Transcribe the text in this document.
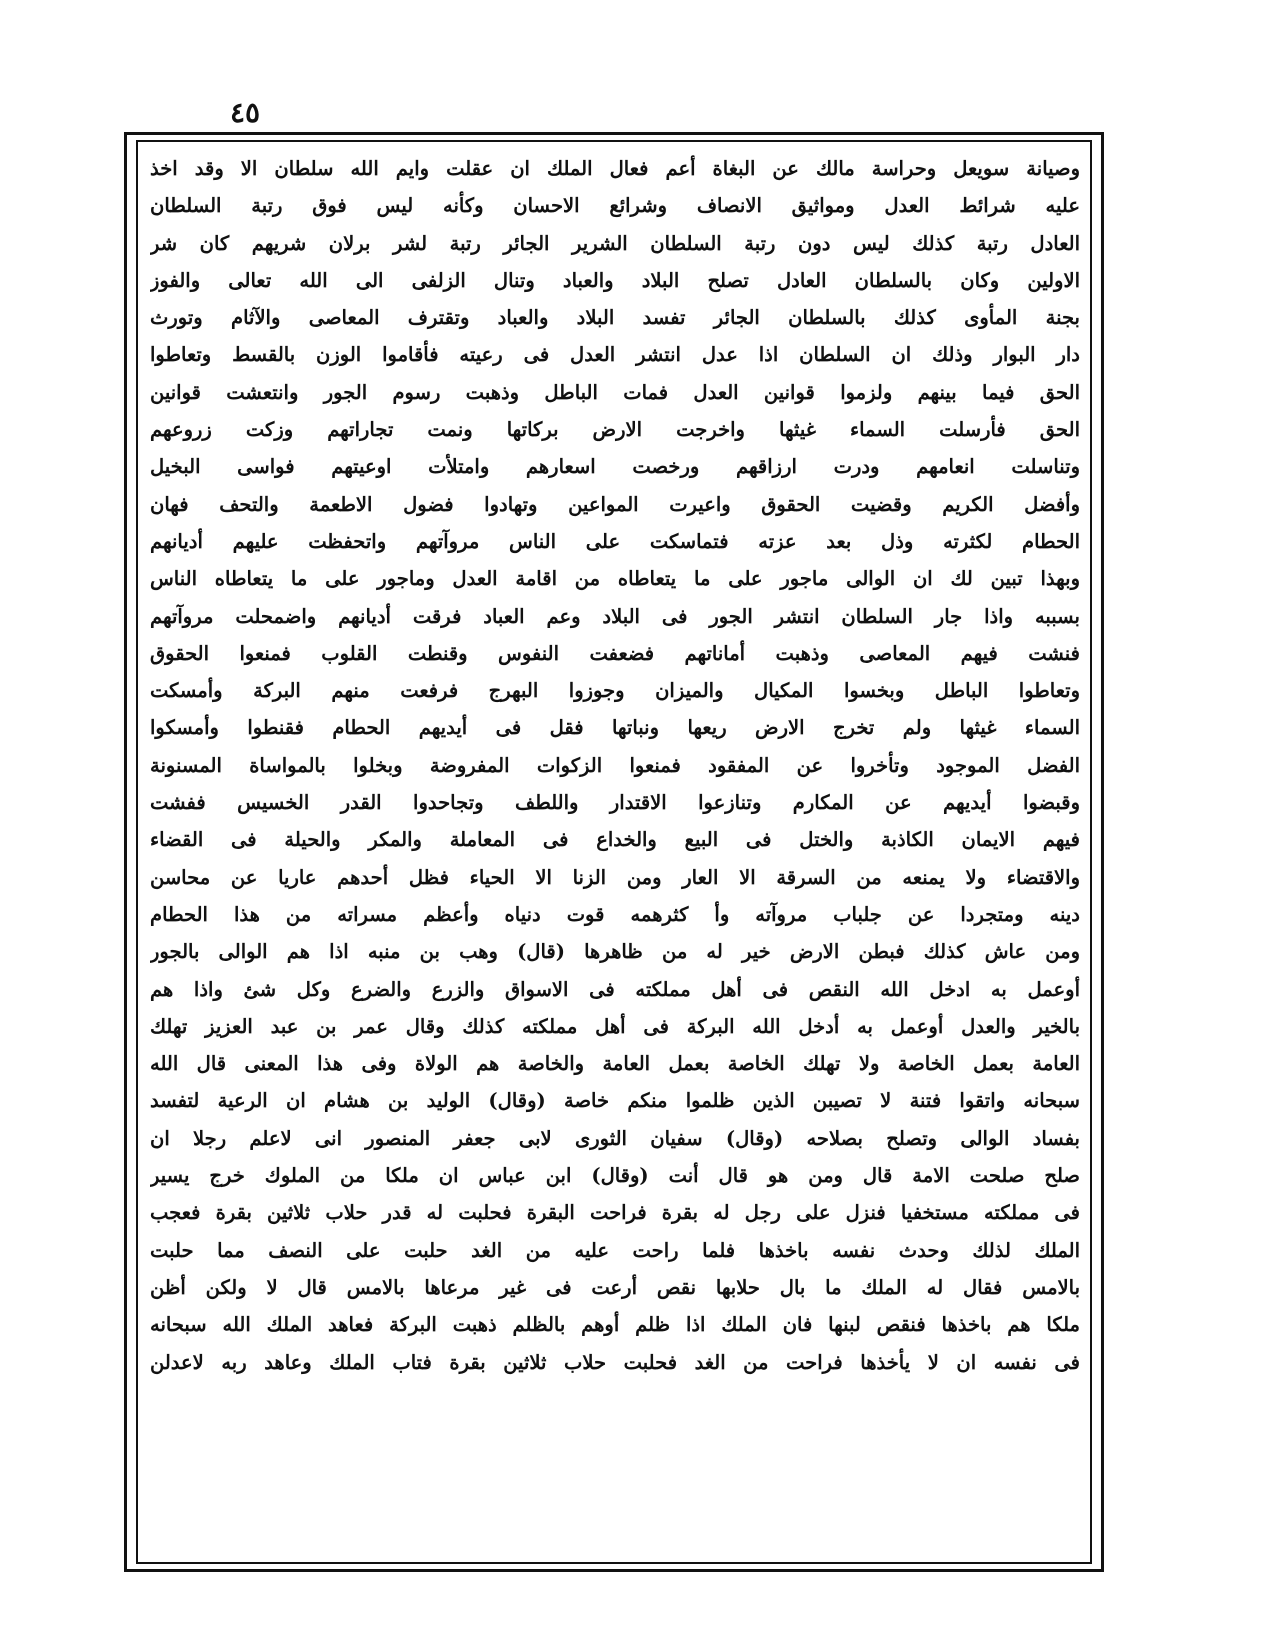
٤٥
وصيانة سويعل وحراسة مالك عن البغاة أعم فعال الملك ان عقلت وايم الله سلطان الا وقد اخذ
عليه شرائط العدل ومواثيق الانصاف وشرائع الاحسان وكأنه ليس فوق رتبة السلطان
العادل رتبة كذلك ليس دون رتبة السلطان الشرير الجائر رتبة لشر برلان شريهم كان شر
الاولين وكان بالسلطان العادل تصلح البلاد والعباد وتنال الزلفى الى الله تعالى والفوز
بجنة المأوى كذلك بالسلطان الجائر تفسد البلاد والعباد وتقترف المعاصى والآثام وتورث
دار البوار وذلك ان السلطان اذا عدل انتشر العدل فى رعيته فأقاموا الوزن بالقسط وتعاطوا
الحق فيما بينهم ولزموا قوانين العدل فمات الباطل وذهبت رسوم الجور وانتعشت قوانين
الحق فأرسلت السماء غيثها واخرجت الارض بركاتها ونمت تجاراتهم وزكت زروعهم
وتناسلت انعامهم ودرت ارزاقهم ورخصت اسعارهم وامتلأت اوعيتهم فواسى البخيل
وأفضل الكريم وقضيت الحقوق واعيرت المواعين وتهادوا فضول الاطعمة والتحف فهان
الحطام لكثرته وذل بعد عزته فتماسكت على الناس مروآتهم واتحفظت عليهم أديانهم
وبهذا تبين لك ان الوالى ماجور على ما يتعاطاه من اقامة العدل وماجور على ما يتعاطاه الناس
بسببه واذا جار السلطان انتشر الجور فى البلاد وعم العباد فرقت أديانهم واضمحلت مروآتهم
فنشت فيهم المعاصى وذهبت أماناتهم فضعفت النفوس وقنطت القلوب فمنعوا الحقوق
وتعاطوا الباطل وبخسوا المكيال والميزان وجوزوا البهرج فرفعت منهم البركة وأمسكت
السماء غيثها ولم تخرج الارض ريعها ونباتها فقل فى أيديهم الحطام فقنطوا وأمسكوا
الفضل الموجود وتأخروا عن المفقود فمنعوا الزكوات المفروضة وبخلوا بالمواساة المسنونة
وقبضوا أيديهم عن المكارم وتنازعوا الاقتدار واللطف وتجاحدوا القدر الخسيس ففشت
فيهم الايمان الكاذبة والختل فى البيع والخداع فى المعاملة والمكر والحيلة فى القضاء
والاقتضاء ولا يمنعه من السرقة الا العار ومن الزنا الا الحياء فظل أحدهم عاريا عن محاسن
دينه ومتجردا عن جلباب مروآته وأ كثرهمه قوت دنياه وأعظم مسراته من هذا الحطام
ومن عاش كذلك فبطن الارض خير له من ظاهرها (قال) وهب بن منبه اذا هم الوالى بالجور
أوعمل به ادخل الله النقص فى أهل مملكته فى الاسواق والزرع والضرع وكل شئ واذا هم
بالخير والعدل أوعمل به أدخل الله البركة فى أهل مملكته كذلك وقال عمر بن عبد العزيز تهلك
العامة بعمل الخاصة ولا تهلك الخاصة بعمل العامة والخاصة هم الولاة وفى هذا المعنى قال الله
سبحانه واتقوا فتنة لا تصيبن الذين ظلموا منكم خاصة (وقال) الوليد بن هشام ان الرعية لتفسد
بفساد الوالى وتصلح بصلاحه (وقال) سفيان الثورى لابى جعفر المنصور انى لاعلم رجلا ان
صلح صلحت الامة قال ومن هو قال أنت (وقال) ابن عباس ان ملكا من الملوك خرج يسير
فى مملكته مستخفيا فنزل على رجل له بقرة فراحت البقرة فحلبت له قدر حلاب ثلاثين بقرة فعجب
الملك لذلك وحدث نفسه باخذها فلما راحت عليه من الغد حلبت على النصف مما حلبت
بالامس فقال له الملك ما بال حلابها نقص أرعت فى غير مرعاها بالامس قال لا ولكن أظن
ملكا هم باخذها فنقص لبنها فان الملك اذا ظلم أوهم بالظلم ذهبت البركة فعاهد الملك الله سبحانه
فى نفسه ان لا يأخذها فراحت من الغد فحلبت حلاب ثلاثين بقرة فتاب الملك وعاهد ربه لاعدلن
